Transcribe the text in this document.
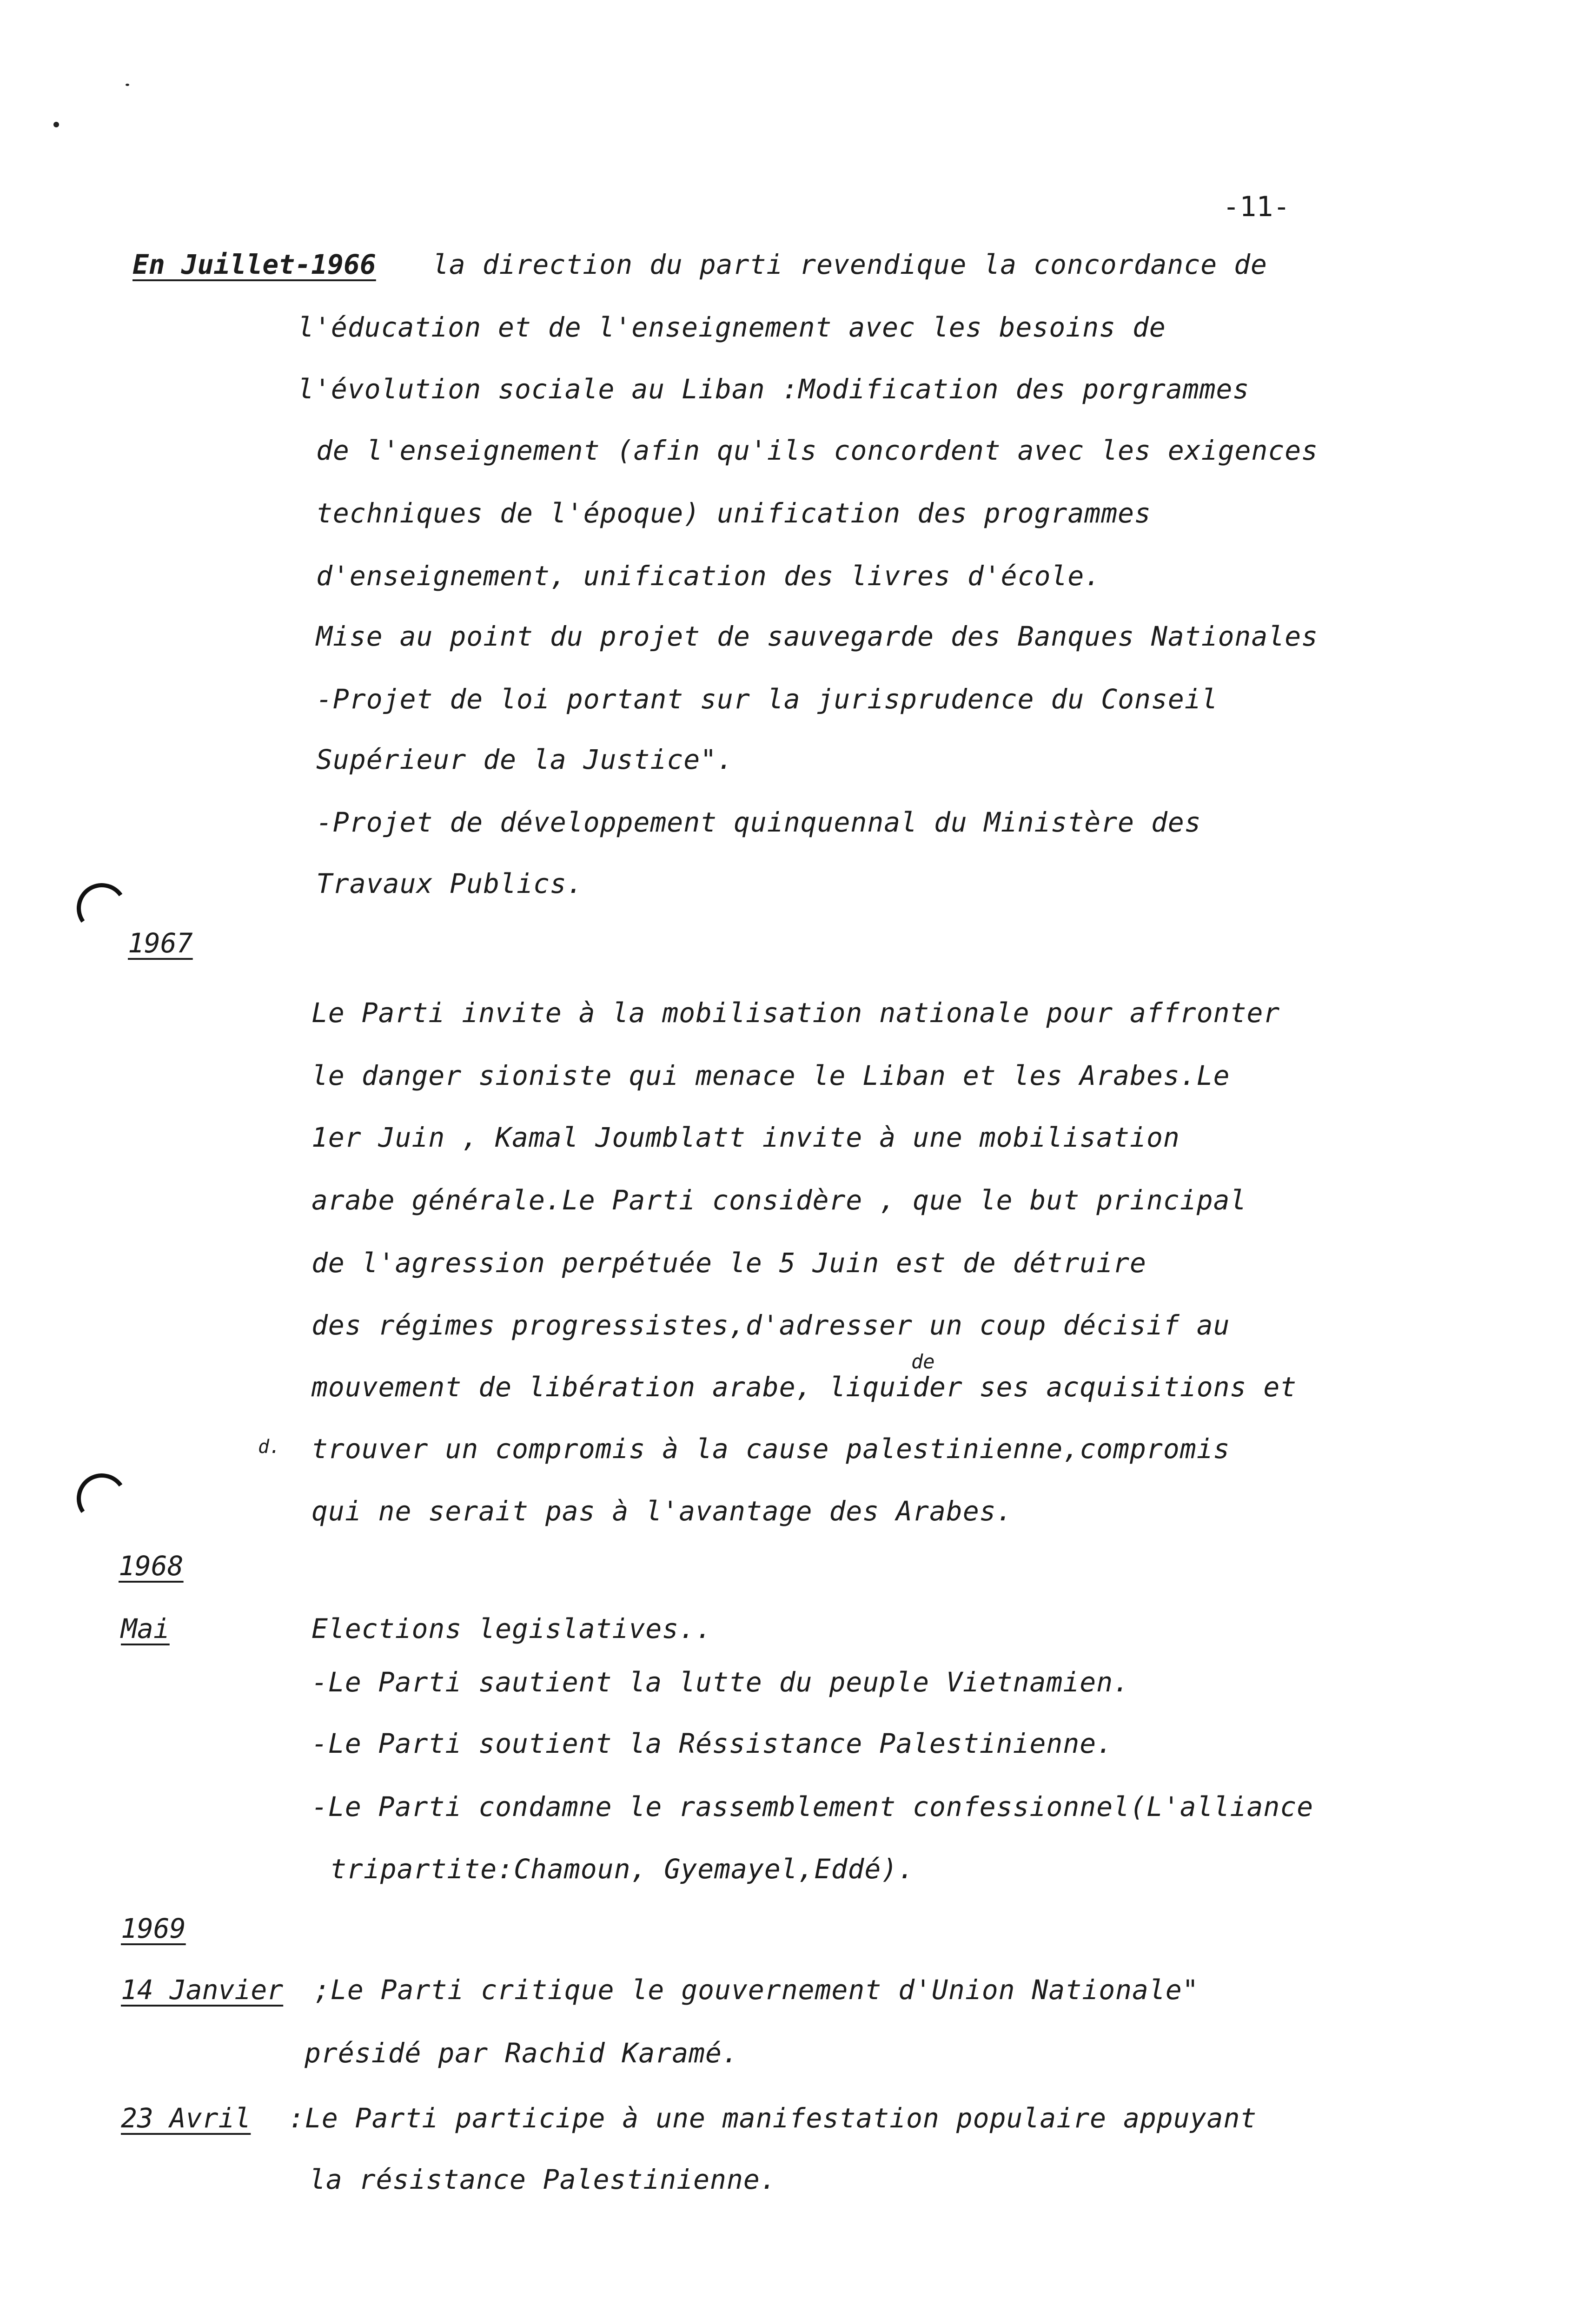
-11-
En Juillet-1966 la direction du parti revendique la concordance de
l'éducation et de l'enseignement avec les besoins de
l'évolution sociale au Liban :Modification des porgrammes
de l'enseignement (afin qu'ils concordent avec les exigences
techniques de l'époque) unification des programmes
d'enseignement, unification des livres d'école.
Mise au point du projet de sauvegarde des Banques Nationales
-Projet de loi portant sur la jurisprudence du Conseil
Supérieur de la Justice".
-Projet de développement quinquennal du Ministère des
Travaux Publics.
1967
Le Parti invite à la mobilisation nationale pour affronter
le danger sioniste qui menace le Liban et les Arabes.Le
1er Juin , Kamal Joumblatt invite à une mobilisation
arabe générale.Le Parti considère , que le but principal
de l'agression perpétuée le 5 Juin est de détruire
des régimes progressistes,d'adresser un coup décisif au
de
mouvement de libération arabe, liquider ses acquisitions et
d. trouver un compromis à la cause palestinienne,compromis
qui ne serait pas à l'avantage des Arabes.
1968
Mai	Elections legislatives..
-Le Parti sautient la lutte du peuple Vietnamien.
-Le Parti soutient la Réssistance Palestinienne.
-Le Parti condamne le rassemblement confessionnel(L'alliance
tripartite:Chamoun, Gyemayel,Eddé).
1969
14 Janvier ;Le Parti critique le gouvernement d'Union Nationale"
présidé par Rachid Karamé.
23 Avril :Le Parti participe à une manifestation populaire appuyant
la résistance Palestinienne.
